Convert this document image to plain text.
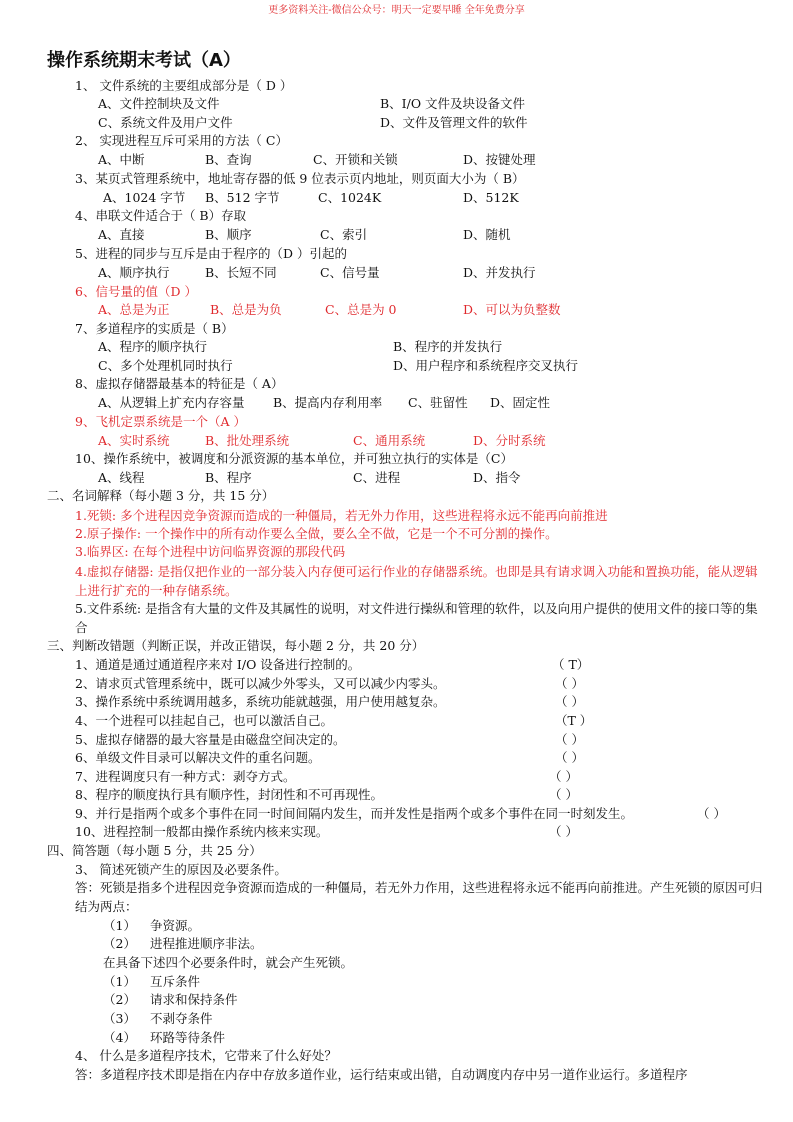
更多资料关注-微信公众号：明天一定要早睡 全年免费分享
操作系统期末考试（A）
1、 文件系统的主要组成部分是（ D ）
A、文件控制块及文件	B、I/O 文件及块设备文件
C、系统文件及用户文件	D、文件及管理文件的软件
2、 实现进程互斥可采用的方法（ C）
A、中断	B、查询	C、开锁和关锁	D、按键处理
3、某页式管理系统中，地址寄存器的低 9 位表示页内地址，则页面大小为（ B）
A、1024 字节 B、512 字节	C、1024K	D、512K
4、串联文件适合于（ B）存取
A、直接	B、顺序	C、索引	D、随机
5、进程的同步与互斥是由于程序的（D ）引起的
A、顺序执行	B、长短不同	C、信号量	D、并发执行
6、信号量的值（D ）
A、总是为正	B、总是为负	C、总是为 0	D、可以为负整数
7、多道程序的实质是（ B）
A、程序的顺序执行	B、程序的并发执行
C、多个处理机同时执行	D、用户程序和系统程序交叉执行
8、虚拟存储器最基本的特征是（ A）
A、从逻辑上扩充内存容量 B、提高内存利用率 C、驻留性 D、固定性
9、飞机定票系统是一个（A ）
A、实时系统	B、批处理系统	C、通用系统	D、分时系统
10、操作系统中，被调度和分派资源的基本单位，并可独立执行的实体是（C）
A、线程	B、程序	C、进程	D、指令
二、名词解释（每小题 3 分，共 15 分）
1.死锁: 多个进程因竞争资源而造成的一种僵局，若无外力作用，这些进程将永远不能再向前推进
2.原子操作: 一个操作中的所有动作要么全做，要么全不做，它是一个不可分割的操作。
3.临界区: 在每个进程中访问临界资源的那段代码
4.虚拟存储器: 是指仅把作业的一部分装入内存便可运行作业的存储器系统。也即是具有请求调入功能和置换功能，能从逻辑上进行扩充的一种存储系统。
5.文件系统: 是指含有大量的文件及其属性的说明，对文件进行操纵和管理的软件，以及向用户提供的使用文件的接口等的集合
三、判断改错题（判断正误，并改正错误，每小题 2 分，共 20 分）
1、通道是通过通道程序来对 I/O 设备进行控制的。	（ T）
2、请求页式管理系统中，既可以减少外零头，又可以减少内零头。	（ ）
3、操作系统中系统调用越多，系统功能就越强，用户使用越复杂。	（ ）
4、一个进程可以挂起自己，也可以激活自己。	（T ）
5、虚拟存储器的最大容量是由磁盘空间决定的。	（ ）
6、单级文件目录可以解决文件的重名问题。	（ ）
7、进程调度只有一种方式：剥夺方式。	（ ）
8、程序的顺度执行具有顺序性，封闭性和不可再现性。	（ ）
9、并行是指两个或多个事件在同一时间间隔内发生，而并发性是指两个或多个事件在同一时刻发生。	（ ）
10、进程控制一般都由操作系统内核来实现。	（ ）
四、简答题（每小题 5 分，共 25 分）
3、 简述死锁产生的原因及必要条件。
答：死锁是指多个进程因竞争资源而造成的一种僵局，若无外力作用，这些进程将永远不能再向前推进。产生死锁的原因可归结为两点：
（1） 争资源。
（2） 进程推进顺序非法。
在具备下述四个必要条件时，就会产生死锁。
（1） 互斥条件
（2） 请求和保持条件
（3） 不剥夺条件
（4） 环路等待条件
4、 什么是多道程序技术，它带来了什么好处？
答：多道程序技术即是指在内存中存放多道作业，运行结束或出错，自动调度内存中另一道作业运行。多道程序
